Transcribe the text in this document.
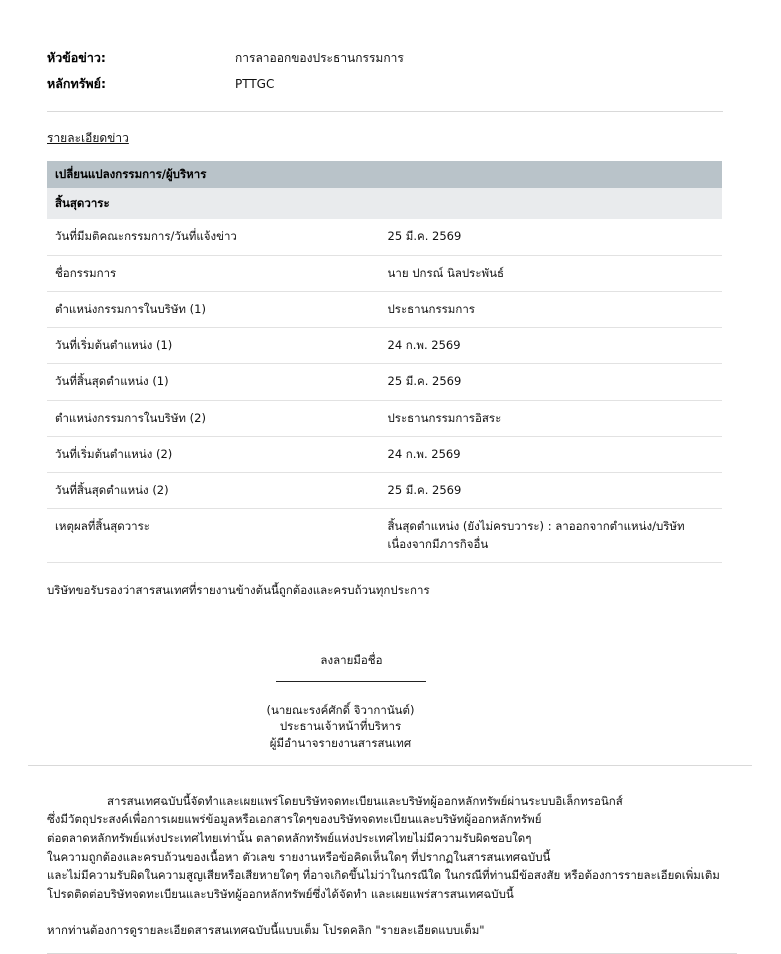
หัวข้อข่าว:	การลาออกของประธานกรรมการ
หลักทรัพย์:	PTTGC
รายละเอียดข่าว
เปลี่ยนแปลงกรรมการ/ผู้บริหาร	
สิ้นสุดวาระ	
วันที่มีมติคณะกรรมการ/วันที่แจ้งข่าว	25 มี.ค. 2569
ชื่อกรรมการ	นาย ปกรณ์ นิลประพันธ์
ตำแหน่งกรรมการในบริษัท (1)	ประธานกรรมการ
วันที่เริ่มต้นตำแหน่ง (1)	24 ก.พ. 2569
วันที่สิ้นสุดตำแหน่ง (1)	25 มี.ค. 2569
ตำแหน่งกรรมการในบริษัท (2)	ประธานกรรมการอิสระ
วันที่เริ่มต้นตำแหน่ง (2)	24 ก.พ. 2569
วันที่สิ้นสุดตำแหน่ง (2)	25 มี.ค. 2569
เหตุผลที่สิ้นสุดวาระ	สิ้นสุดตำแหน่ง (ยังไม่ครบวาระ) : ลาออกจากตำแหน่ง/บริษัท เนื่องจากมีภารกิจอื่น
บริษัทขอรับรองว่าสารสนเทศที่รายงานข้างต้นนี้ถูกต้องและครบถ้วนทุกประการ

ลงลายมือชื่อ

(นายณะรงค์ศักดิ์ จิวากานันต์)
ประธานเจ้าหน้าที่บริหาร
ผู้มีอำนาจรายงานสารสนเทศ
สารสนเทศฉบับนี้จัดทำและเผยแพร่โดยบริษัทจดทะเบียนและบริษัทผู้ออกหลักทรัพย์ผ่านระบบอิเล็กทรอนิกส์
ซึ่งมีวัตถุประสงค์เพื่อการเผยแพร่ข้อมูลหรือเอกสารใดๆของบริษัทจดทะเบียนและบริษัทผู้ออกหลักทรัพย์
ต่อตลาดหลักทรัพย์แห่งประเทศไทยเท่านั้น ตลาดหลักทรัพย์แห่งประเทศไทยไม่มีความรับผิดชอบใดๆ
ในความถูกต้องและครบถ้วนของเนื้อหา ตัวเลข รายงานหรือข้อคิดเห็นใดๆ ที่ปรากฏในสารสนเทศฉบับนี้
และไม่มีความรับผิดในความสูญเสียหรือเสียหายใดๆ ที่อาจเกิดขึ้นไม่ว่าในกรณีใด ในกรณีที่ท่านมีข้อสงสัย หรือต้องการรายละเอียดเพิ่มเติม
โปรดติดต่อบริษัทจดทะเบียนและบริษัทผู้ออกหลักทรัพย์ซึ่งได้จัดทำ และเผยแพร่สารสนเทศฉบับนี้
หากท่านต้องการดูรายละเอียดสารสนเทศฉบับนี้แบบเต็ม โปรดคลิก "รายละเอียดแบบเต็ม"
